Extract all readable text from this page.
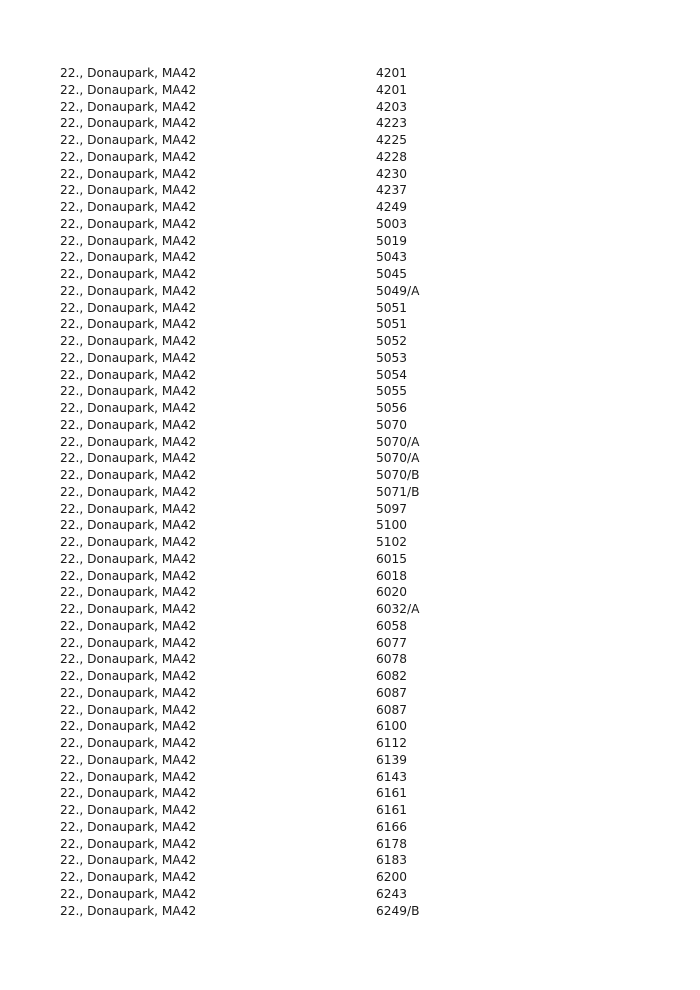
22., Donaupark, MA42	4201
22., Donaupark, MA42	4201
22., Donaupark, MA42	4203
22., Donaupark, MA42	4223
22., Donaupark, MA42	4225
22., Donaupark, MA42	4228
22., Donaupark, MA42	4230
22., Donaupark, MA42	4237
22., Donaupark, MA42	4249
22., Donaupark, MA42	5003
22., Donaupark, MA42	5019
22., Donaupark, MA42	5043
22., Donaupark, MA42	5045
22., Donaupark, MA42	5049/A
22., Donaupark, MA42	5051
22., Donaupark, MA42	5051
22., Donaupark, MA42	5052
22., Donaupark, MA42	5053
22., Donaupark, MA42	5054
22., Donaupark, MA42	5055
22., Donaupark, MA42	5056
22., Donaupark, MA42	5070
22., Donaupark, MA42	5070/A
22., Donaupark, MA42	5070/A
22., Donaupark, MA42	5070/B
22., Donaupark, MA42	5071/B
22., Donaupark, MA42	5097
22., Donaupark, MA42	5100
22., Donaupark, MA42	5102
22., Donaupark, MA42	6015
22., Donaupark, MA42	6018
22., Donaupark, MA42	6020
22., Donaupark, MA42	6032/A
22., Donaupark, MA42	6058
22., Donaupark, MA42	6077
22., Donaupark, MA42	6078
22., Donaupark, MA42	6082
22., Donaupark, MA42	6087
22., Donaupark, MA42	6087
22., Donaupark, MA42	6100
22., Donaupark, MA42	6112
22., Donaupark, MA42	6139
22., Donaupark, MA42	6143
22., Donaupark, MA42	6161
22., Donaupark, MA42	6161
22., Donaupark, MA42	6166
22., Donaupark, MA42	6178
22., Donaupark, MA42	6183
22., Donaupark, MA42	6200
22., Donaupark, MA42	6243
22., Donaupark, MA42	6249/B
